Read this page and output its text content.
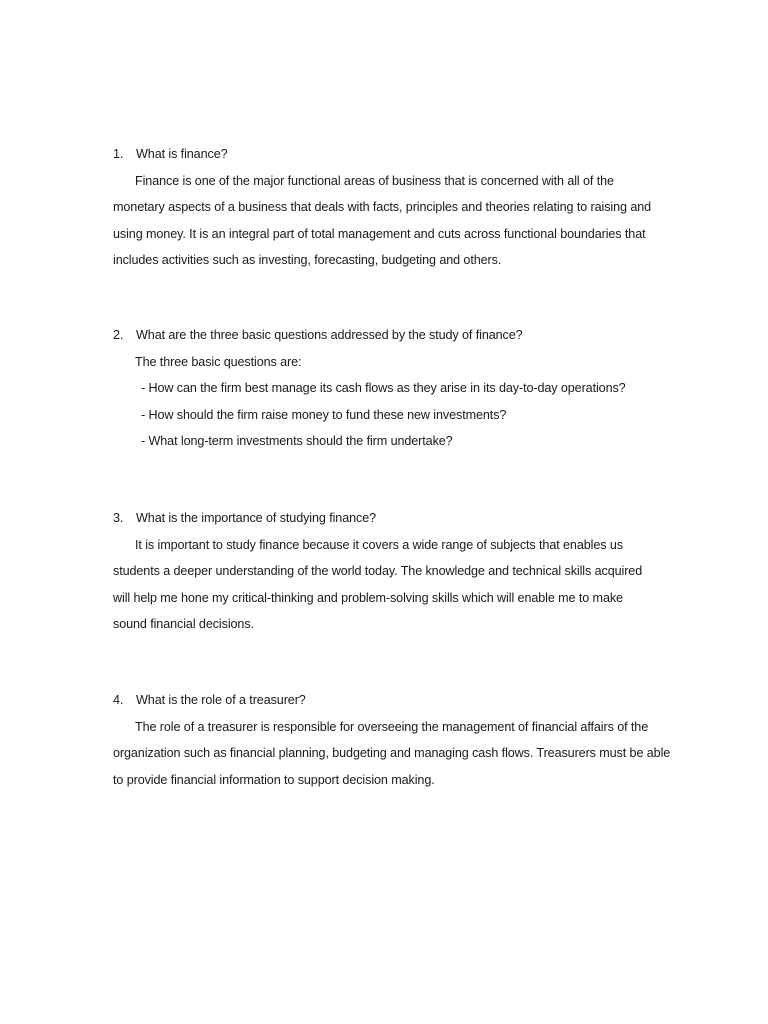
1.	What is finance?
Finance is one of the major functional areas of business that is concerned with all of the
monetary aspects of a business that deals with facts, principles and theories relating to raising and
using money. It is an integral part of total management and cuts across functional boundaries that
includes activities such as investing, forecasting, budgeting and others.
2.	What are the three basic questions addressed by the study of finance?
The three basic questions are:
- How can the firm best manage its cash flows as they arise in its day-to-day operations?
- How should the firm raise money to fund these new investments?
- What long-term investments should the firm undertake?
3.	What is the importance of studying finance?
It is important to study finance because it covers a wide range of subjects that enables us
students a deeper understanding of the world today. The knowledge and technical skills acquired
will help me hone my critical-thinking and problem-solving skills which will enable me to make
sound financial decisions.
4.	What is the role of a treasurer?
The role of a treasurer is responsible for overseeing the management of financial affairs of the
organization such as financial planning, budgeting and managing cash flows. Treasurers must be able
to provide financial information to support decision making.
